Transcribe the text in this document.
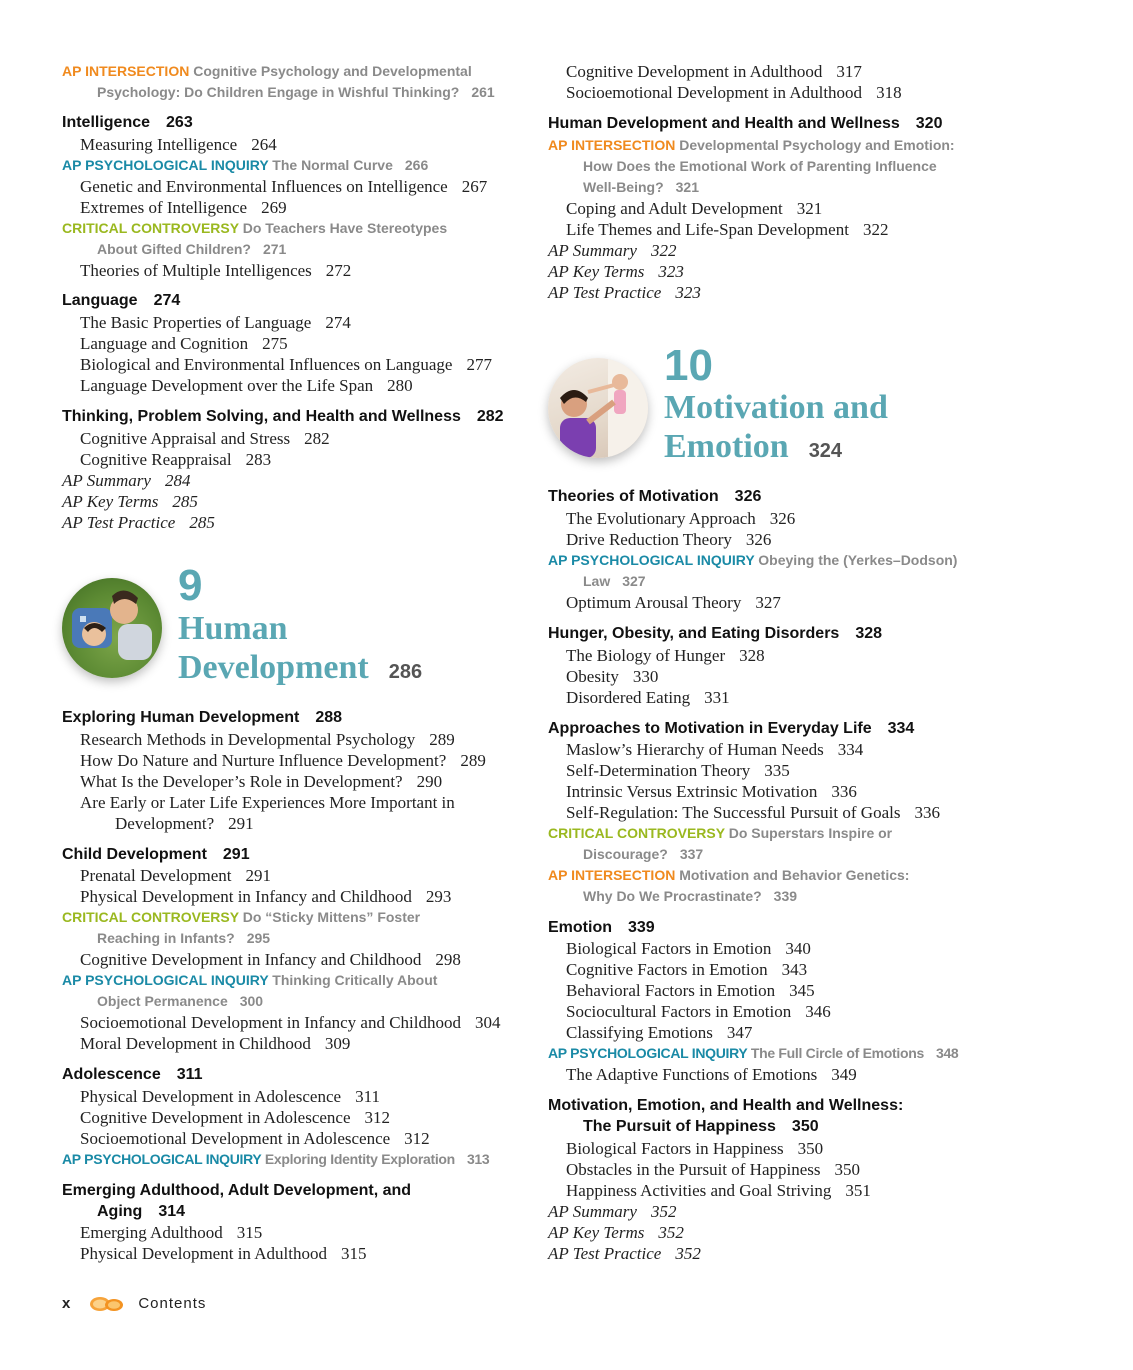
AP INTERSECTION Cognitive Psychology and Developmental
Psychology: Do Children Engage in Wishful Thinking? 261
Intelligence 263
Measuring Intelligence 264
AP PSYCHOLOGICAL INQUIRY The Normal Curve 266
Genetic and Environmental Influences on Intelligence 267
Extremes of Intelligence 269
CRITICAL CONTROVERSY Do Teachers Have Stereotypes
About Gifted Children? 271
Theories of Multiple Intelligences 272
Language 274
The Basic Properties of Language 274
Language and Cognition 275
Biological and Environmental Influences on Language 277
Language Development over the Life Span 280
Thinking, Problem Solving, and Health and Wellness 282
Cognitive Appraisal and Stress 282
Cognitive Reappraisal 283
AP Summary 284
AP Key Terms 285
AP Test Practice 285
9
Human
Development 286
Exploring Human Development 288
Research Methods in Developmental Psychology 289
How Do Nature and Nurture Influence Development? 289
What Is the Developer’s Role in Development? 290
Are Early or Later Life Experiences More Important in
Development? 291
Child Development 291
Prenatal Development 291
Physical Development in Infancy and Childhood 293
CRITICAL CONTROVERSY Do “Sticky Mittens” Foster
Reaching in Infants? 295
Cognitive Development in Infancy and Childhood 298
AP PSYCHOLOGICAL INQUIRY Thinking Critically About
Object Permanence 300
Socioemotional Development in Infancy and Childhood 304
Moral Development in Childhood 309
Adolescence 311
Physical Development in Adolescence 311
Cognitive Development in Adolescence 312
Socioemotional Development in Adolescence 312
AP PSYCHOLOGICAL INQUIRY Exploring Identity Exploration 313
Emerging Adulthood, Adult Development, and
Aging 314
Emerging Adulthood 315
Physical Development in Adulthood 315
Cognitive Development in Adulthood 317
Socioemotional Development in Adulthood 318
Human Development and Health and Wellness 320
AP INTERSECTION Developmental Psychology and Emotion:
How Does the Emotional Work of Parenting Influence
Well-Being? 321
Coping and Adult Development 321
Life Themes and Life-Span Development 322
AP Summary 322
AP Key Terms 323
AP Test Practice 323
10
Motivation and
Emotion 324
Theories of Motivation 326
The Evolutionary Approach 326
Drive Reduction Theory 326
AP PSYCHOLOGICAL INQUIRY Obeying the (Yerkes–Dodson)
Law 327
Optimum Arousal Theory 327
Hunger, Obesity, and Eating Disorders 328
The Biology of Hunger 328
Obesity 330
Disordered Eating 331
Approaches to Motivation in Everyday Life 334
Maslow’s Hierarchy of Human Needs 334
Self-Determination Theory 335
Intrinsic Versus Extrinsic Motivation 336
Self-Regulation: The Successful Pursuit of Goals 336
CRITICAL CONTROVERSY Do Superstars Inspire or
Discourage? 337
AP INTERSECTION Motivation and Behavior Genetics:
Why Do We Procrastinate? 339
Emotion 339
Biological Factors in Emotion 340
Cognitive Factors in Emotion 343
Behavioral Factors in Emotion 345
Sociocultural Factors in Emotion 346
Classifying Emotions 347
AP PSYCHOLOGICAL INQUIRY The Full Circle of Emotions 348
The Adaptive Functions of Emotions 349
Motivation, Emotion, and Health and Wellness:
The Pursuit of Happiness 350
Biological Factors in Happiness 350
Obstacles in the Pursuit of Happiness 350
Happiness Activities and Goal Striving 351
AP Summary 352
AP Key Terms 352
AP Test Practice 352
x	Contents
